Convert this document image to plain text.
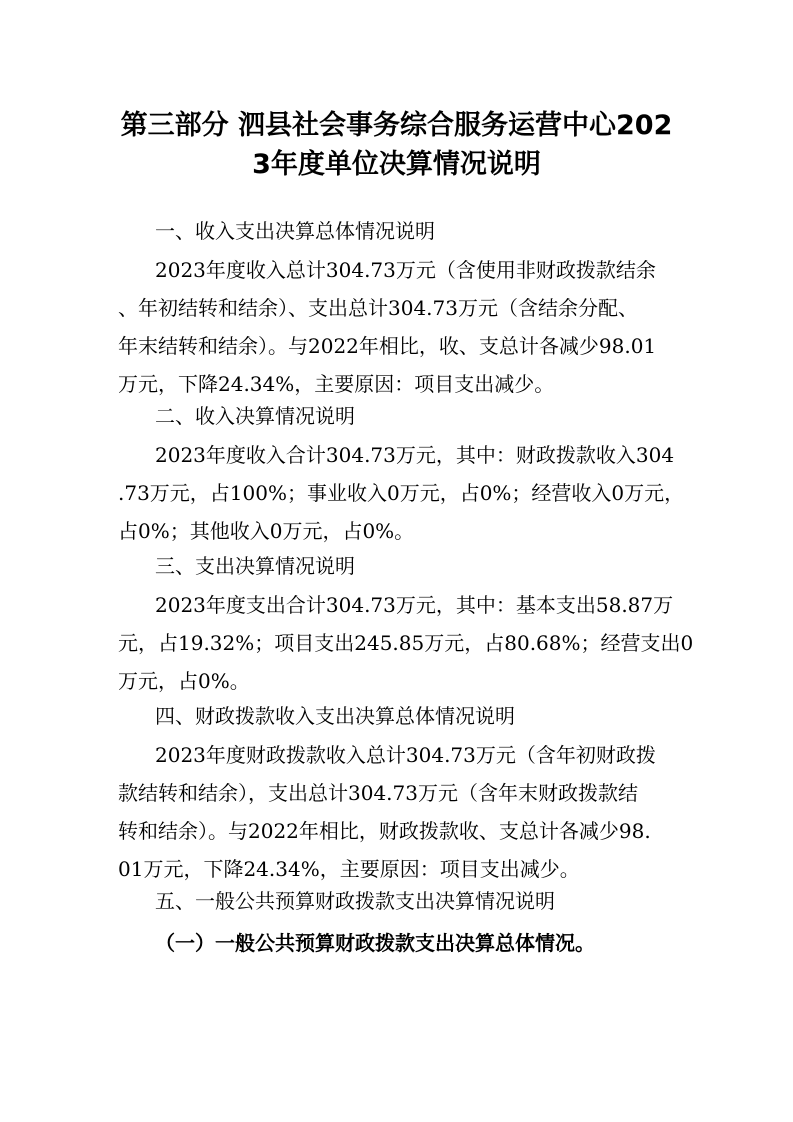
第三部分 泗县社会事务综合服务运营中心202
3年度单位决算情况说明
一、收入支出决算总体情况说明
2023年度收入总计304.73万元（含使用非财政拨款结余
、年初结转和结余）、支出总计304.73万元（含结余分配、
年末结转和结余）。与2022年相比，收、支总计各减少98.01
万元，下降24.34%，主要原因：项目支出减少。
二、收入决算情况说明
2023年度收入合计304.73万元，其中：财政拨款收入304
.73万元，占100%；事业收入0万元，占0%；经营收入0万元，
占0%；其他收入0万元，占0%。
三、支出决算情况说明
2023年度支出合计304.73万元，其中：基本支出58.87万
元，占19.32%；项目支出245.85万元，占80.68%；经营支出0
万元，占0%。
四、财政拨款收入支出决算总体情况说明
2023年度财政拨款收入总计304.73万元（含年初财政拨
款结转和结余），支出总计304.73万元（含年末财政拨款结
转和结余）。与2022年相比，财政拨款收、支总计各减少98.
01万元，下降24.34%，主要原因：项目支出减少。
五、一般公共预算财政拨款支出决算情况说明
（一）一般公共预算财政拨款支出决算总体情况。
